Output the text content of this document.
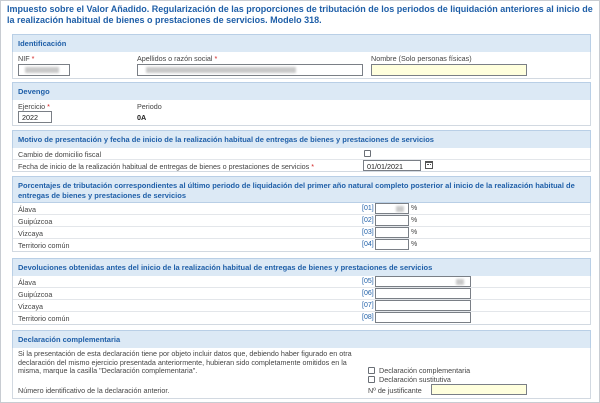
Impuesto sobre el Valor Añadido. Regularización de las proporciones de tributación de los periodos de liquidación anteriores al inicio de la realización habitual de bienes o prestaciones de servicios. Modelo 318.
Identificación
NIF *	Apellidos o razón social *	Nombre (Solo personas físicas)
Devengo
Ejercicio *
2022
Periodo
0A
Motivo de presentación y fecha de inicio de la realización habitual de entregas de bienes y prestaciones de servicios
Cambio de domicilio fiscal
Fecha de inicio de la realización habitual de entregas de bienes o prestaciones de servicios *	01/01/2021
Porcentajes de tributación correspondientes al último periodo de liquidación del primer año natural completo posterior al inicio de la realización habitual de entregas de bienes y prestaciones de servicios
Álava	[01]	%
Guipúzcoa	[02]	%
Vizcaya	[03]	%
Territorio común	[04]	%
Devoluciones obtenidas antes del inicio de la realización habitual de entregas de bienes y prestaciones de servicios
Álava	[05]
Guipúzcoa	[06]
Vizcaya	[07]
Territorio común	[08]
Declaración complementaria
Si la presentación de esta declaración tiene por objeto incluir datos que, debiendo haber figurado en otra declaración del mismo ejercicio presentada anteriormente, hubieran sido completamente omitidos en la misma, marque la casilla "Declaración complementaria".	Declaración complementaria
Declaración sustitutiva
Número identificativo de la declaración anterior.	Nº de justificante
